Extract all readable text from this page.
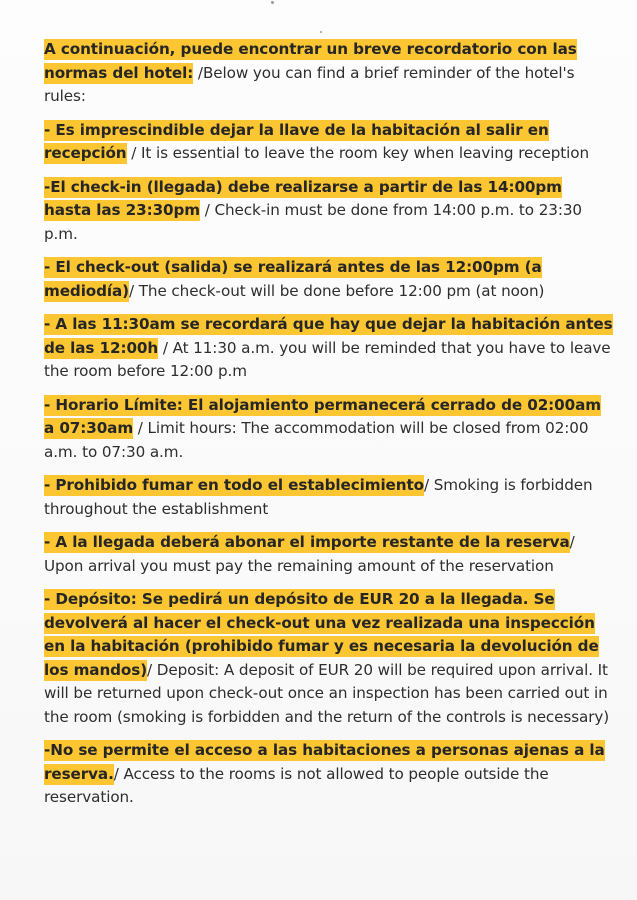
A continuación, puede encontrar un breve recordatorio con las normas del hotel: /Below you can find a brief reminder of the hotel's rules:

- Es imprescindible dejar la llave de la habitación al salir en recepción / It is essential to leave the room key when leaving reception

-El check-in (llegada) debe realizarse a partir de las 14:00pm hasta las 23:30pm / Check-in must be done from 14:00 p.m. to 23:30 p.m.

- El check-out (salida) se realizará antes de las 12:00pm (a mediodía)/ The check-out will be done before 12:00 pm (at noon)

- A las 11:30am se recordará que hay que dejar la habitación antes de las 12:00h / At 11:30 a.m. you will be reminded that you have to leave the room before 12:00 p.m

- Horario Límite: El alojamiento permanecerá cerrado de 02:00am a 07:30am / Limit hours: The accommodation will be closed from 02:00 a.m. to 07:30 a.m.

- Prohibido fumar en todo el establecimiento/ Smoking is forbidden throughout the establishment

- A la llegada deberá abonar el importe restante de la reserva/ Upon arrival you must pay the remaining amount of the reservation

- Depósito: Se pedirá un depósito de EUR 20 a la llegada. Se devolverá al hacer el check-out una vez realizada una inspección en la habitación (prohibido fumar y es necesaria la devolución de los mandos)/ Deposit: A deposit of EUR 20 will be required upon arrival. It will be returned upon check-out once an inspection has been carried out in the room (smoking is forbidden and the return of the controls is necessary)

-No se permite el acceso a las habitaciones a personas ajenas a la reserva./ Access to the rooms is not allowed to people outside the reservation.
